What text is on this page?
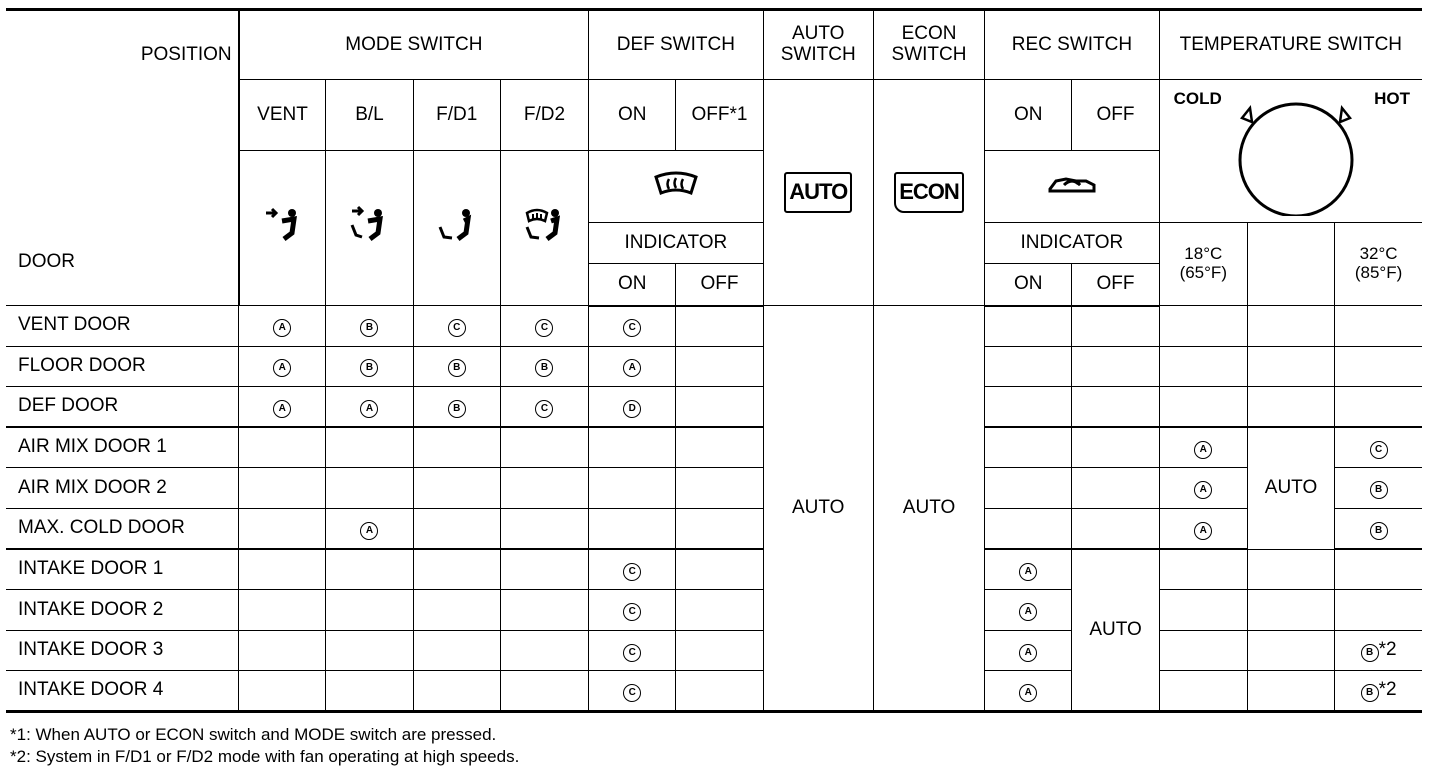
POSITION
DOOR	MODE SWITCH				DEF SWITCH		AUTO SWITCH	ECON SWITCH	REC SWITCH		TEMPERATURE SWITCH		
	VENT	B/L	F/D1	F/D2	ON	OFF*1	AUTO	ECON	ON	OFF	COLD HOT		

					INDICATOR				INDICATOR		18°C (65°F)		32°C (85°F)
					ON	OFF			ON	OFF			
VENT DOOR	A	B	C	C	C		AUTO	AUTO					
FLOOR DOOR	A	B	B	B	A								
DEF DOOR	A	A	B	C	D								
AIR MIX DOOR 1											A	AUTO	C
AIR MIX DOOR 2											A		B
MAX. COLD DOOR		A									A		B
INTAKE DOOR 1					C				A	AUTO			
INTAKE DOOR 2					C				A				
INTAKE DOOR 3					C				A				B *2
INTAKE DOOR 4					C				A				B *2
*1: When AUTO or ECON switch and MODE switch are pressed.
*2: System in F/D1 or F/D2 mode with fan operating at high speeds.
